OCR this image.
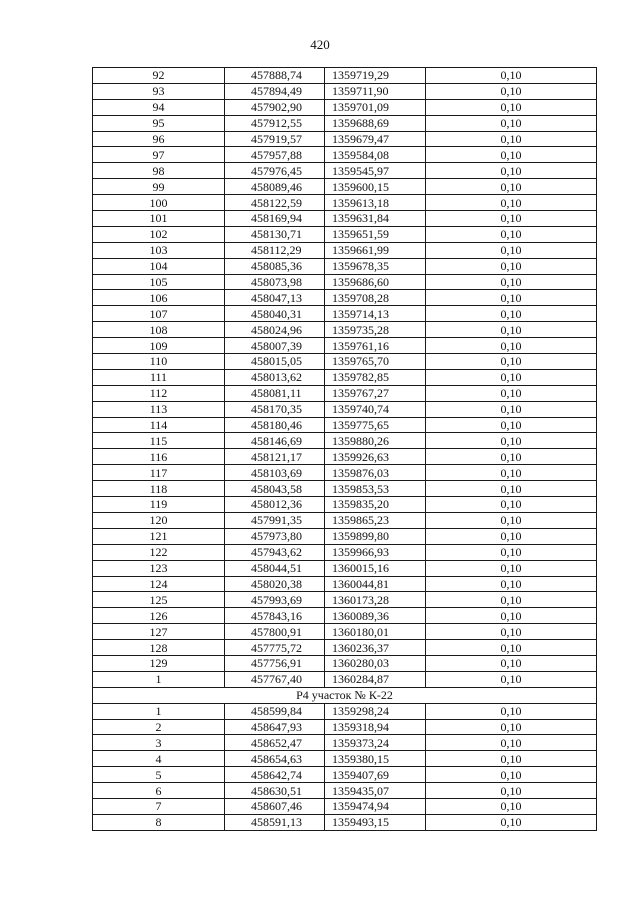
420
92	457888,74	1359719,29	0,10
93	457894,49	1359711,90	0,10
94	457902,90	1359701,09	0,10
95	457912,55	1359688,69	0,10
96	457919,57	1359679,47	0,10
97	457957,88	1359584,08	0,10
98	457976,45	1359545,97	0,10
99	458089,46	1359600,15	0,10
100	458122,59	1359613,18	0,10
101	458169,94	1359631,84	0,10
102	458130,71	1359651,59	0,10
103	458112,29	1359661,99	0,10
104	458085,36	1359678,35	0,10
105	458073,98	1359686,60	0,10
106	458047,13	1359708,28	0,10
107	458040,31	1359714,13	0,10
108	458024,96	1359735,28	0,10
109	458007,39	1359761,16	0,10
110	458015,05	1359765,70	0,10
111	458013,62	1359782,85	0,10
112	458081,11	1359767,27	0,10
113	458170,35	1359740,74	0,10
114	458180,46	1359775,65	0,10
115	458146,69	1359880,26	0,10
116	458121,17	1359926,63	0,10
117	458103,69	1359876,03	0,10
118	458043,58	1359853,53	0,10
119	458012,36	1359835,20	0,10
120	457991,35	1359865,23	0,10
121	457973,80	1359899,80	0,10
122	457943,62	1359966,93	0,10
123	458044,51	1360015,16	0,10
124	458020,38	1360044,81	0,10
125	457993,69	1360173,28	0,10
126	457843,16	1360089,36	0,10
127	457800,91	1360180,01	0,10
128	457775,72	1360236,37	0,10
129	457756,91	1360280,03	0,10
1	457767,40	1360284,87	0,10
Р4 участок № К-22			
1	458599,84	1359298,24	0,10
2	458647,93	1359318,94	0,10
3	458652,47	1359373,24	0,10
4	458654,63	1359380,15	0,10
5	458642,74	1359407,69	0,10
6	458630,51	1359435,07	0,10
7	458607,46	1359474,94	0,10
8	458591,13	1359493,15	0,10
